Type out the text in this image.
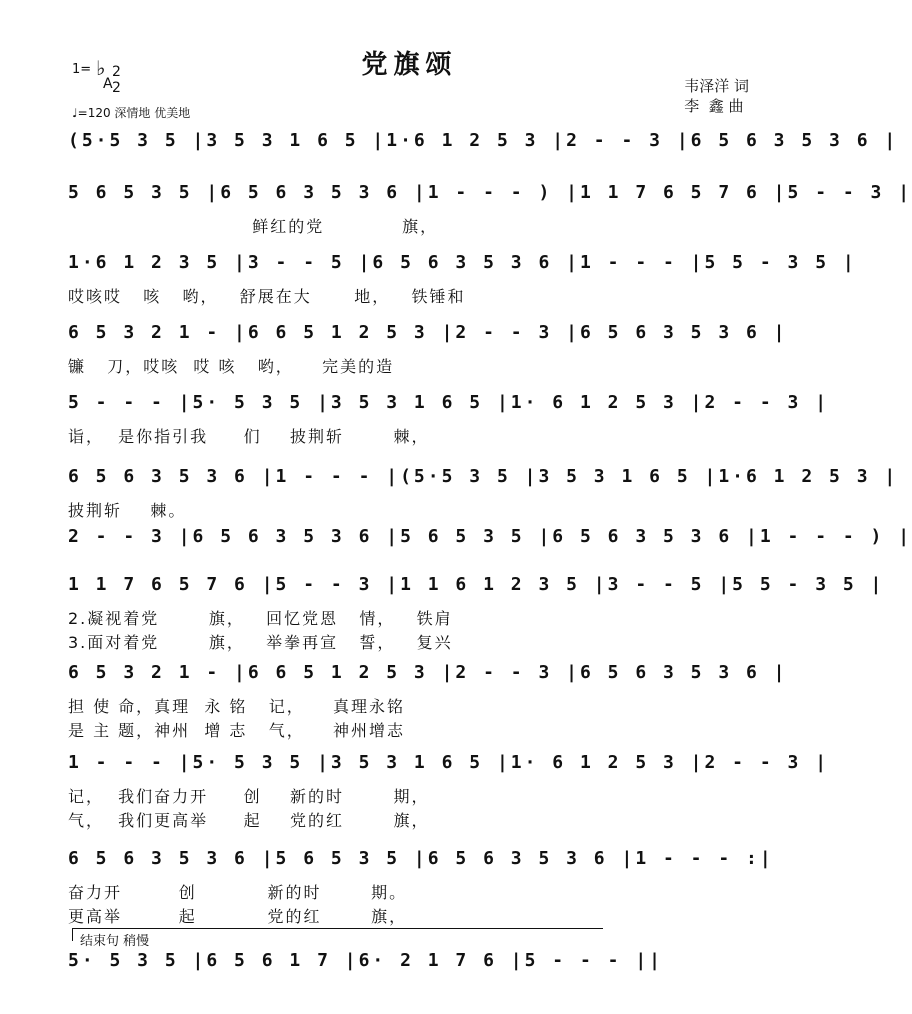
党旗颂
1= ♭
A
2
2
♩=120 深情地 优美地
韦泽洋 词
李  鑫 曲
(5·5 3 5 |3 5 3 1 6 5 |1·6 1 2 5 3 |2 - - 3 |6 5 6 3 5 3 6 |
5 6 5 3 5 |6 5 6 3 5 3 6 |1 - - - ) |1 1 7 6 5 7 6 |5 - - 3 |
鲜红的党           旗，
1·6 1 2 3 5 |3 - - 5 |6 5 6 3 5 3 6 |1 - - - |5 5 - 3 5 |
哎咳哎   咳   哟，   舒展在大      地，   铁锤和
6 5 3 2 1 - |6 6 5 1 2 5 3 |2 - - 3 |6 5 6 3 5 3 6 |
镰   刀，哎咳  哎 咳   哟，    完美的造
5 - - - |5· 5 3 5 |3 5 3 1 6 5 |1· 6 1 2 5 3 |2 - - 3 |
诣，  是你指引我     们    披荆斩       棘，
6 5 6 3 5 3 6 |1 - - - |(5·5 3 5 |3 5 3 1 6 5 |1·6 1 2 5 3 |
披荆斩    棘。
2 - - 3 |6 5 6 3 5 3 6 |5 6 5 3 5 |6 5 6 3 5 3 6 |1 - - - ) |
1 1 7 6 5 7 6 |5 - - 3 |1 1 6 1 2 3 5 |3 - - 5 |5 5 - 3 5 |
2.凝视着党       旗，   回忆党恩   情，   铁肩
3.面对着党       旗，   举拳再宣   誓，   复兴
6 5 3 2 1 - |6 6 5 1 2 5 3 |2 - - 3 |6 5 6 3 5 3 6 |
担 使 命，真理  永 铭   记，    真理永铭
是 主 题，神州  增 志   气，    神州增志
1 - - - |5· 5 3 5 |3 5 3 1 6 5 |1· 6 1 2 5 3 |2 - - 3 |
记，  我们奋力开     创    新的时       期，
气，  我们更高举     起    党的红       旗，
6 5 6 3 5 3 6 |5 6 5 3 5 |6 5 6 3 5 3 6 |1 - - - :|
奋力开        创          新的时       期。
更高举        起          党的红       旗，
5· 5 3 5 |6 5 6 1 7 |6· 2 1 7 6 |5 - - - ||
结束句 稍慢
